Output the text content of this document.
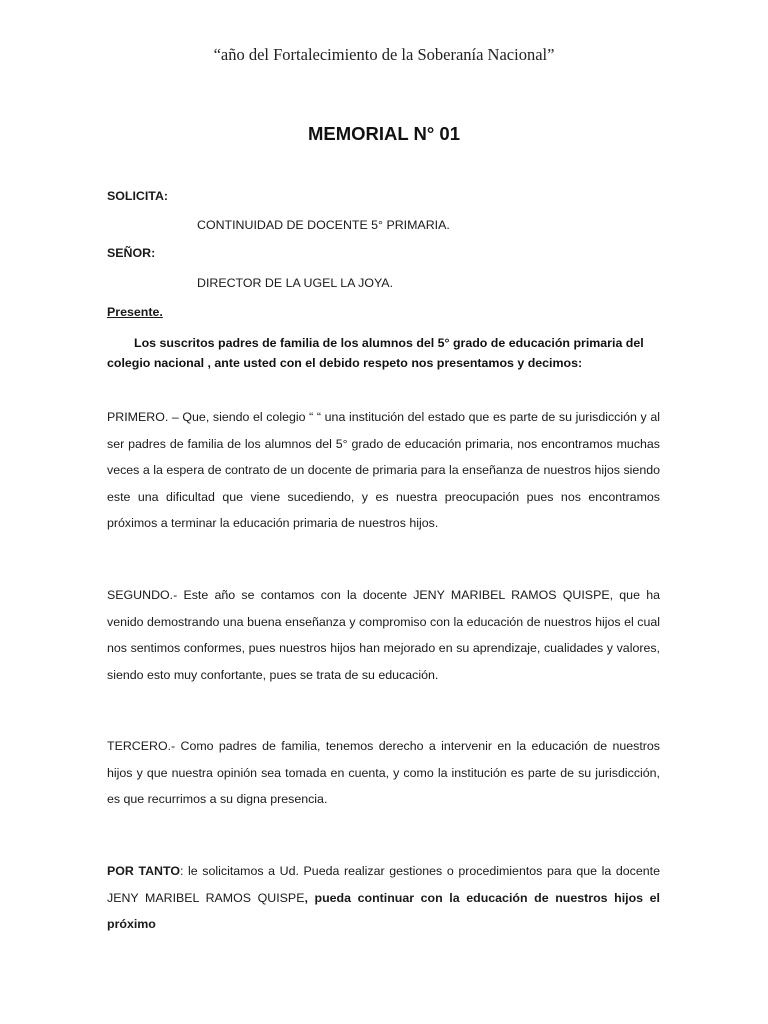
“año del Fortalecimiento de la Soberanía Nacional”
MEMORIAL N° 01
SOLICITA:
CONTINUIDAD DE DOCENTE 5° PRIMARIA.
SEÑOR:
DIRECTOR DE LA UGEL LA JOYA.
Presente.
Los suscritos padres de familia de los alumnos del 5° grado de educación primaria del colegio nacional , ante usted con el debido respeto nos presentamos y decimos:
PRIMERO. – Que, siendo el colegio “ “ una institución del estado que es parte de su jurisdicción y al ser padres de familia de los alumnos del 5° grado de educación primaria, nos encontramos muchas veces a la espera de contrato de un docente de primaria para la enseñanza de nuestros hijos siendo este una dificultad que viene sucediendo, y es nuestra preocupación pues nos encontramos próximos a terminar la educación primaria de nuestros hijos.
SEGUNDO.- Este año se contamos con la docente JENY MARIBEL RAMOS QUISPE, que ha venido demostrando una buena enseñanza y compromiso con la educación de nuestros hijos el cual nos sentimos conformes, pues nuestros hijos han mejorado en su aprendizaje, cualidades y valores, siendo esto muy confortante, pues se trata de su educación.
TERCERO.- Como padres de familia, tenemos derecho a intervenir en la educación de nuestros hijos y que nuestra opinión sea tomada en cuenta, y como la institución es parte de su jurisdicción, es que recurrimos a su digna presencia.
POR TANTO: le solicitamos a Ud. Pueda realizar gestiones o procedimientos para que la docente JENY MARIBEL RAMOS QUISPE, pueda continuar con la educación de nuestros hijos el próximo
